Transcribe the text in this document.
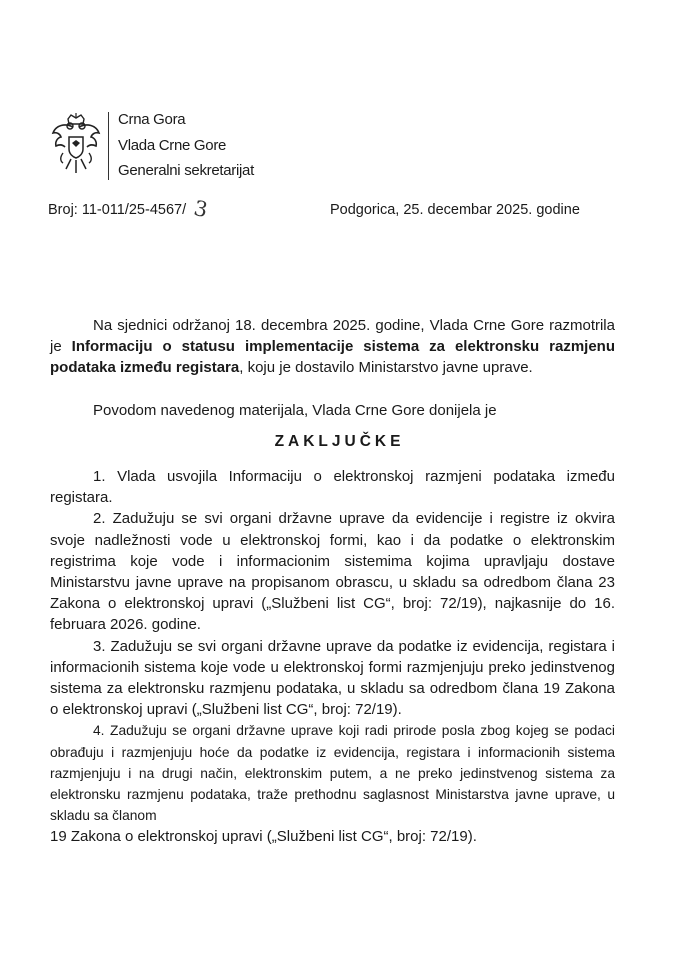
Crna Gora
Vlada Crne Gore
Generalni sekretarijat
Broj: 11-011/25-4567/ 3	Podgorica, 25. decembar 2025. godine
Na sjednici održanoj 18. decembra 2025. godine, Vlada Crne Gore razmotrila je Informaciju o statusu implementacije sistema za elektronsku razmjenu podataka između registara, koju je dostavilo Ministarstvo javne uprave.
Povodom navedenog materijala, Vlada Crne Gore donijela je
ZAKLJUČKE

1. Vlada usvojila Informaciju o elektronskoj razmjeni podataka između registara.

2. Zadužuju se svi organi državne uprave da evidencije i registre iz okvira svoje nadležnosti vode u elektronskoj formi, kao i da podatke o elektronskim registrima koje vode i informacionim sistemima kojima upravljaju dostave Ministarstvu javne uprave na propisanom obrascu, u skladu sa odredbom člana 23 Zakona o elektronskoj upravi („Službeni list CG“, broj: 72/19), najkasnije do 16. februara 2026. godine.

3. Zadužuju se svi organi državne uprave da podatke iz evidencija, registara i informacionih sistema koje vode u elektronskoj formi razmjenjuju preko jedinstvenog sistema za elektronsku razmjenu podataka, u skladu sa odredbom člana 19 Zakona o elektronskoj upravi („Službeni list CG“, broj: 72/19).

4. Zadužuju se organi državne uprave koji radi prirode posla zbog kojeg se podaci obrađuju i razmjenjuju hoće da podatke iz evidencija, registara i informacionih sistema razmjenjuju i na drugi način, elektronskim putem, a ne preko jedinstvenog sistema za elektronsku razmjenu podataka, traže prethodnu saglasnost Ministarstva javne uprave, u skladu sa članom

19 Zakona o elektronskoj upravi („Službeni list CG“, broj: 72/19).
